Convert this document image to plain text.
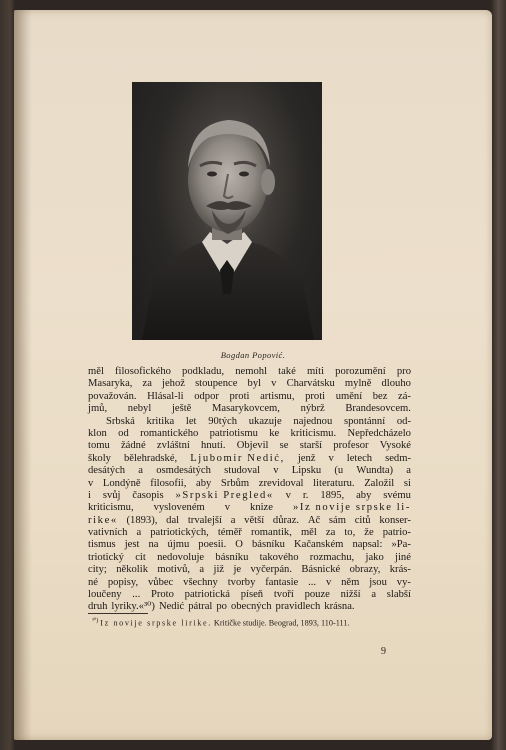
Bogdan Popović.
měl filosofického podkladu, nemohl také míti porozumění pro
Masaryka, za jehož stoupence byl v Charvátsku mylně dlouho
považován. Hlásal-li odpor proti artismu, proti umění bez zá-
jmů, nebyl ještě Masarykovcem, nýbrž Brandesovcem.
Srbská kritika let 90tých ukazuje najednou spontánní od-
klon od romantického patriotismu ke kriticismu. Nepředcházelo
tomu žádné zvláštní hnutí. Objevil se starší profesor Vysoké
školy bělehradské, Ljubomir Nedić, jenž v letech sedm-
desátých a osmdesátých studoval v Lipsku (u Wundta) a
v Londýně filosofii, aby Srbům zrevidoval literaturu. Založil si
i svůj časopis »Srpski Pregled« v r. 1895, aby svému
kriticismu, vysloveném v knize »Iz novije srpske li-
rike« (1893), dal trvalejší a větší důraz. Ač sám citů konser-
vativních a patriotických, téměř romantik, měl za to, že patrio-
tismus jest na újmu poesii. O básníku Kačanském napsal: »Pa-
triotický cit nedovoluje básníku takového rozmachu, jako jiné
city; několik motivů, a již je vyčerpán. Básnické obrazy, krás-
né popisy, vůbec všechny tvorby fantasie ... v něm jsou vy-
loučeny ... Proto patriotická píseň tvoří pouze nižší a slabší
druh lyriky.«³⁰) Nedić pátral po obecných pravidlech krásna.
$^{^{30})}$ Iz novije srpske lirike. Kritičke studije. Beograd, 1893, 110-111.
9
